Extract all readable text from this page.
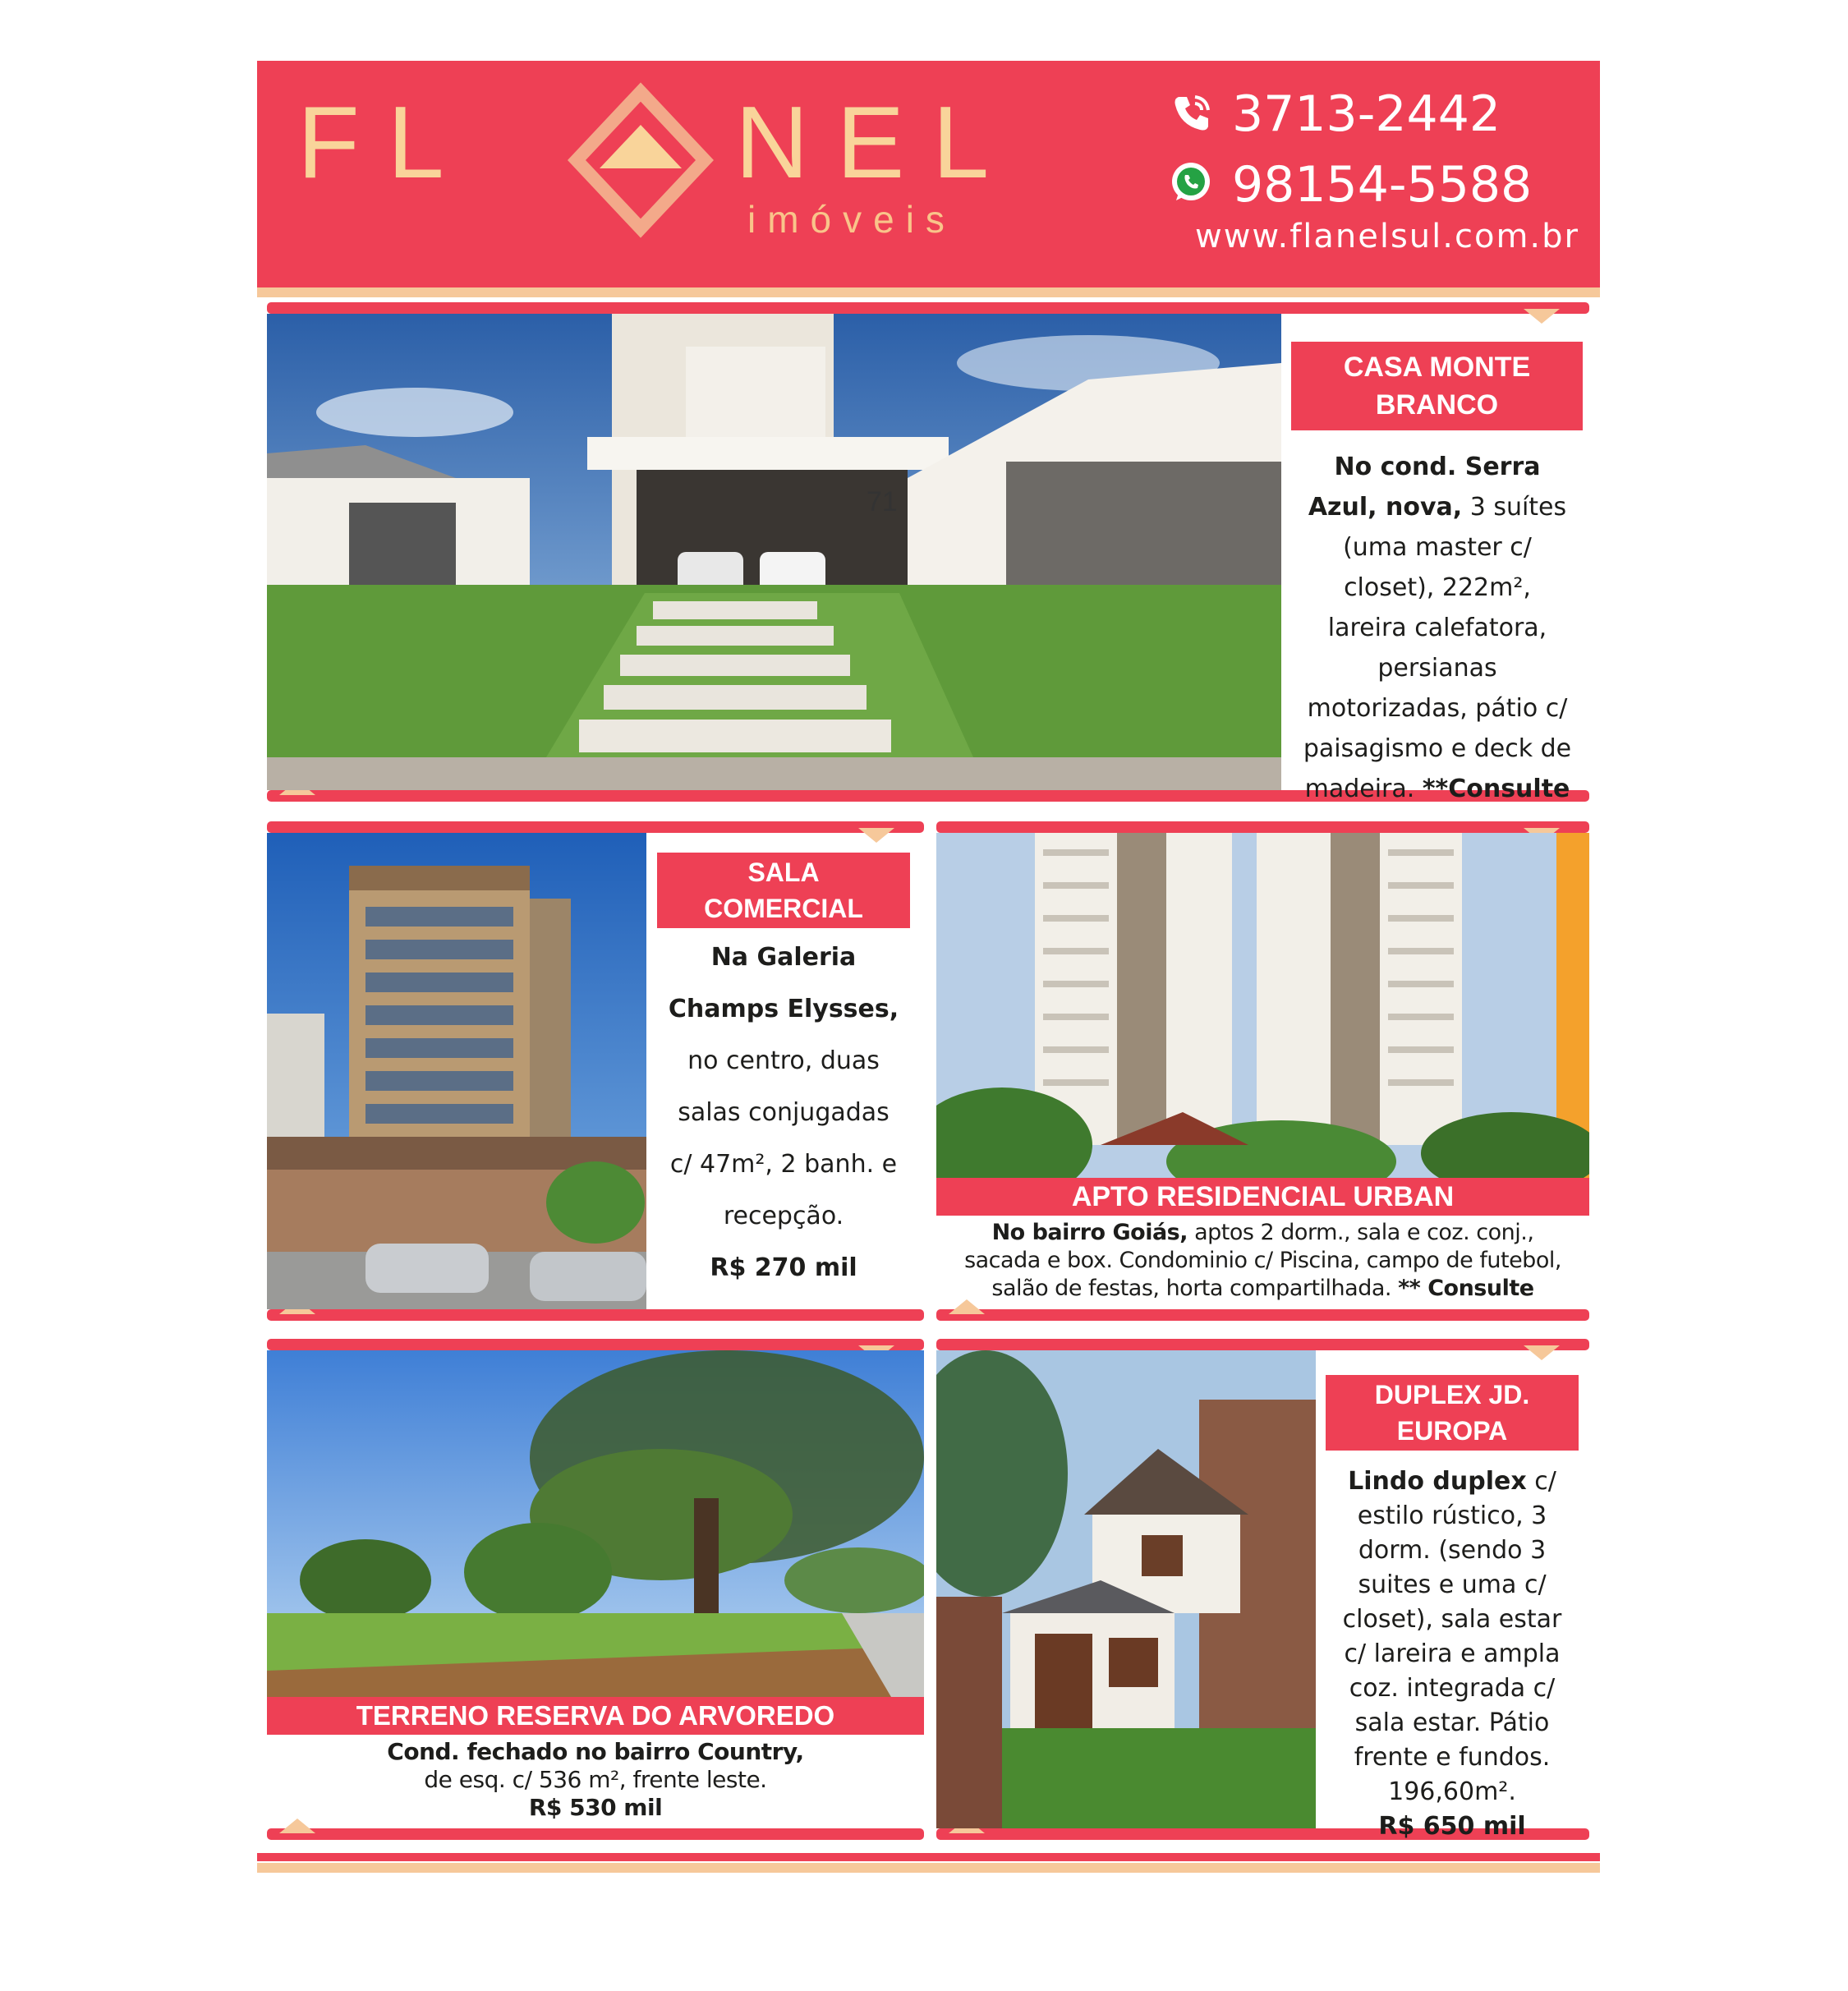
FL	NEL
imóveis
3713-2442
98154-5588
www.flanelsul.com.br
71
CASA MONTE
BRANCO
No cond. Serra Azul, nova, 3 suítes (uma master c/ closet), 222m², lareira calefatora, persianas motorizadas, pátio c/ paisagismo e deck de madeira. **Consulte
SALA
COMERCIAL
Na Galeria Champs Elysses, no centro, duas salas conjugadas c/ 47m², 2 banh. e recepção.
R$ 270 mil
APTO RESIDENCIAL URBAN
No bairro Goiás, aptos 2 dorm., sala e coz. conj., sacada e box. Condominio c/ Piscina, campo de futebol, salão de festas, horta compartilhada. ** Consulte
TERRENO RESERVA DO ARVOREDO
Cond. fechado no bairro Country,
de esq. c/ 536 m², frente leste.
R$ 530 mil
DUPLEX JD.
EUROPA
Lindo duplex c/ estilo rústico, 3 dorm. (sendo 3 suites e uma c/ closet), sala estar c/ lareira e ampla coz. integrada c/ sala estar. Pátio frente e fundos. 196,60m².
R$ 650 mil
